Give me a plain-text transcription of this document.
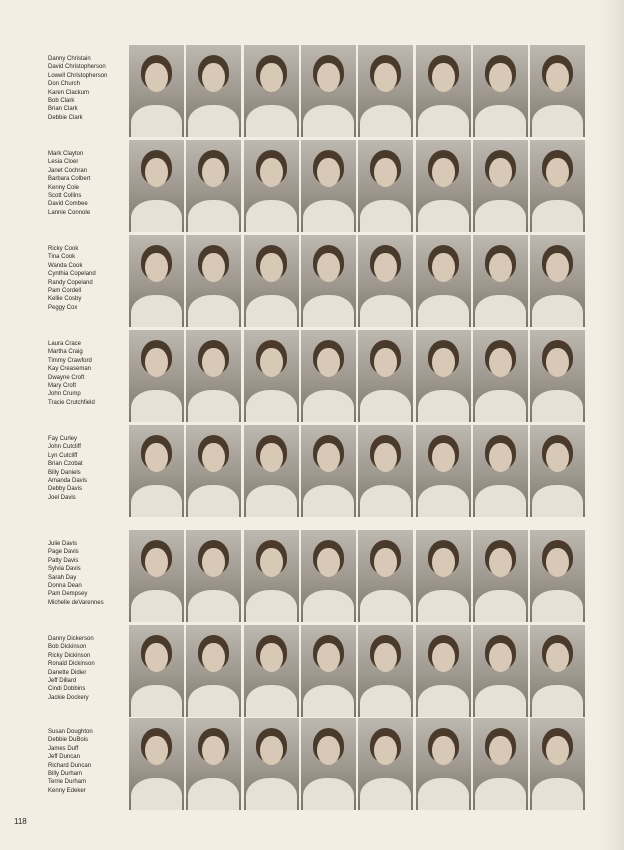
Danny Christain
David Christopherson
Lowell Christopherson
Don Church
Karen Clackum
Bob Clark
Brian Clark
Debbie Clark
Mark Clayton
Lesia Cloer
Janet Cochran
Barbara Colbert
Kenny Cole
Scott Collins
David Combee
Lannie Connole
Ricky Cook
Tina Cook
Wanda Cook
Cynthia Copeland
Randy Copeland
Pam Cordell
Kellie Cosby
Peggy Cox
Laura Crace
Martha Craig
Timmy Crawford
Kay Creaseman
Dwayne Croft
Mary Croft
John Crump
Tracie Crutchfield
Fay Curley
John Cutcliff
Lyn Cutcliff
Brian Czobat
Billy Daniels
Amanda Davis
Debby Davis
Joel Davis
Julie Davis
Page Davis
Patty Davis
Sylvia Davis
Sarah Day
Donna Dean
Pam Dempsey
Michelle deVarennes
Danny Dickerson
Bob Dickinson
Ricky Dickinson
Ronald Dickinson
Danette Didier
Jeff Dillard
Cindi Dobbins
Jackie Dockery
Susan Doughton
Debbie DuBois
James Duff
Jeff Duncan
Richard Duncan
Billy Durham
Terrie Durham
Kenny Edeker
118
